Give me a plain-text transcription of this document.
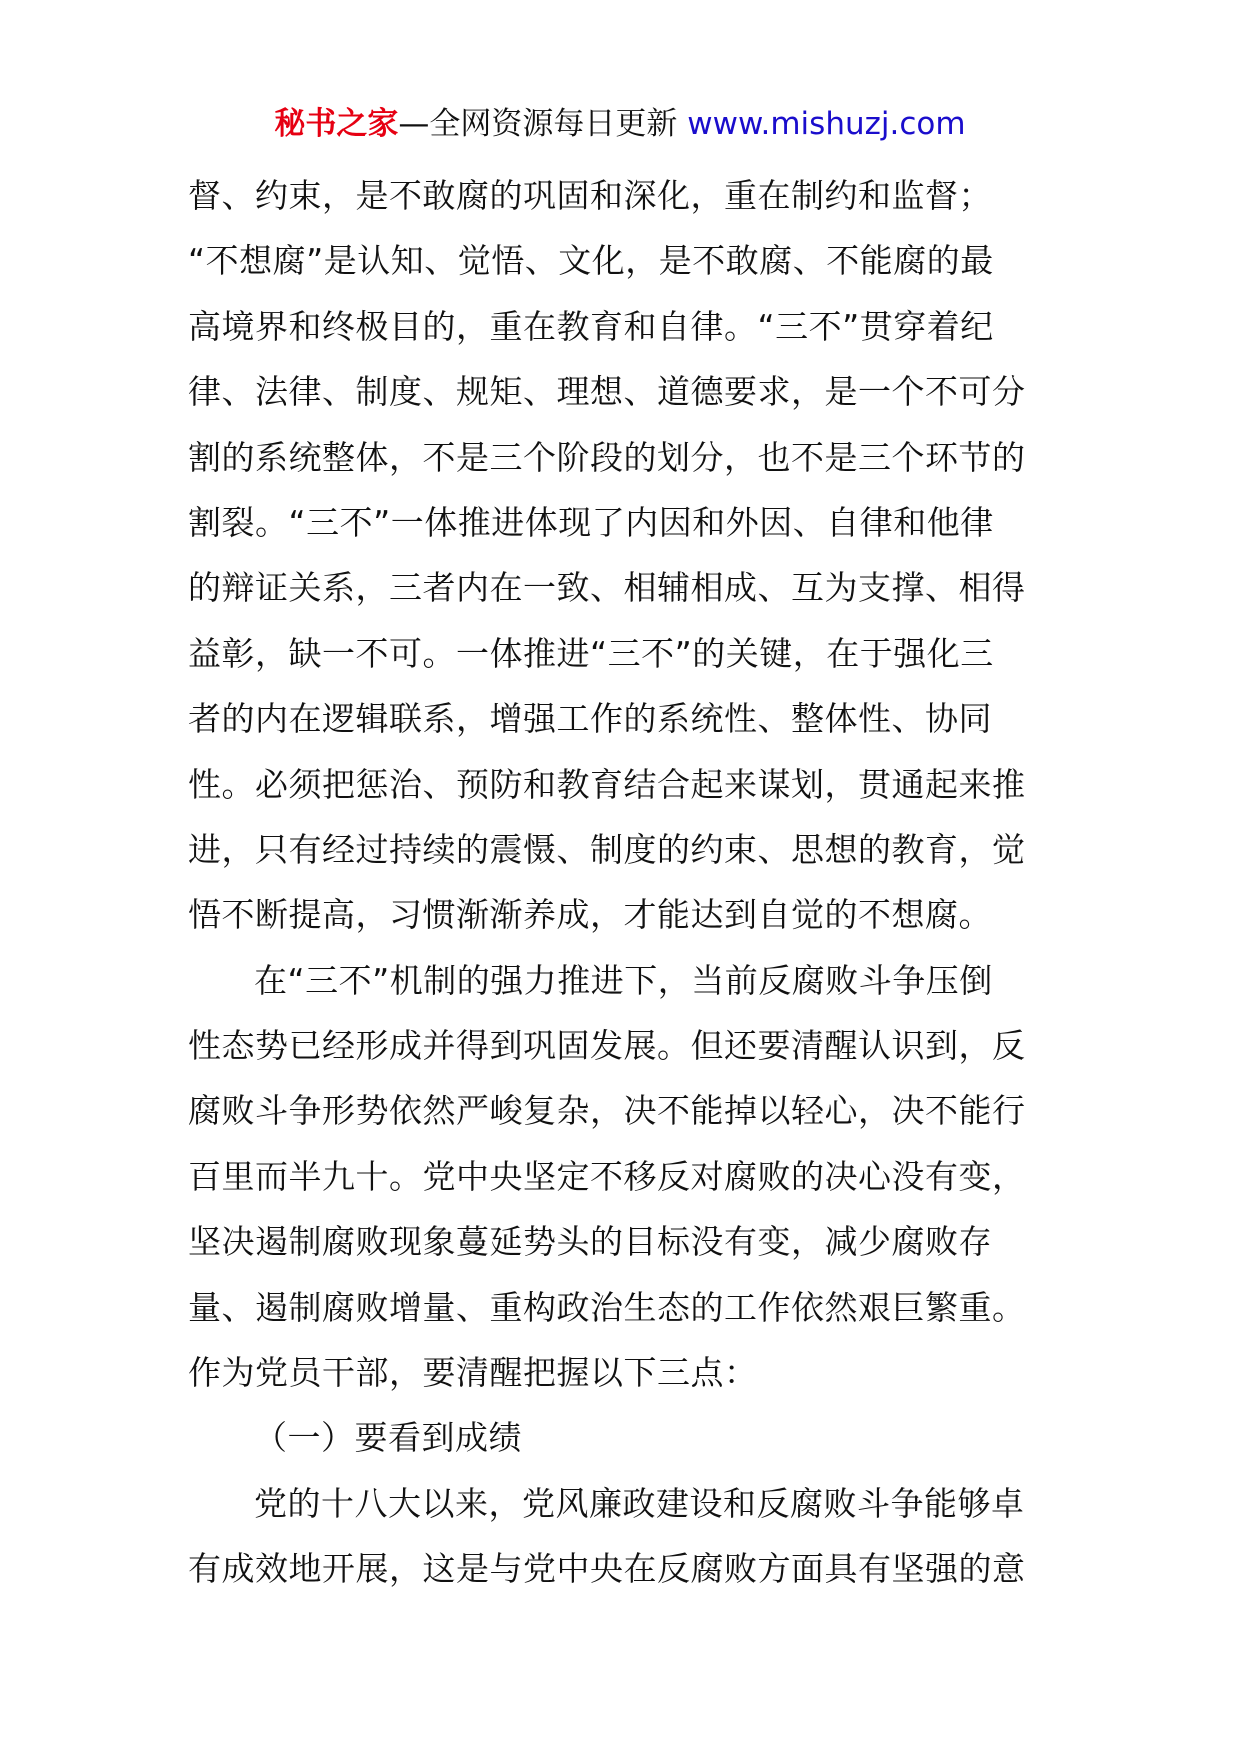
秘书之家—全网资源每日更新 www.mishuzj.com
督、约束，是不敢腐的巩固和深化，重在制约和监督；
“不想腐”是认知、觉悟、文化，是不敢腐、不能腐的最
高境界和终极目的，重在教育和自律。“三不”贯穿着纪
律、法律、制度、规矩、理想、道德要求，是一个不可分
割的系统整体，不是三个阶段的划分，也不是三个环节的
割裂。“三不”一体推进体现了内因和外因、自律和他律
的辩证关系，三者内在一致、相辅相成、互为支撑、相得
益彰，缺一不可。一体推进“三不”的关键，在于强化三
者的内在逻辑联系，增强工作的系统性、整体性、协同
性。必须把惩治、预防和教育结合起来谋划，贯通起来推
进，只有经过持续的震慑、制度的约束、思想的教育，觉
悟不断提高，习惯渐渐养成，才能达到自觉的不想腐。
在“三不”机制的强力推进下，当前反腐败斗争压倒
性态势已经形成并得到巩固发展。但还要清醒认识到，反
腐败斗争形势依然严峻复杂，决不能掉以轻心，决不能行
百里而半九十。党中央坚定不移反对腐败的决心没有变，
坚决遏制腐败现象蔓延势头的目标没有变，减少腐败存
量、遏制腐败增量、重构政治生态的工作依然艰巨繁重。
作为党员干部，要清醒把握以下三点：
（一）要看到成绩
党的十八大以来，党风廉政建设和反腐败斗争能够卓
有成效地开展，这是与党中央在反腐败方面具有坚强的意
